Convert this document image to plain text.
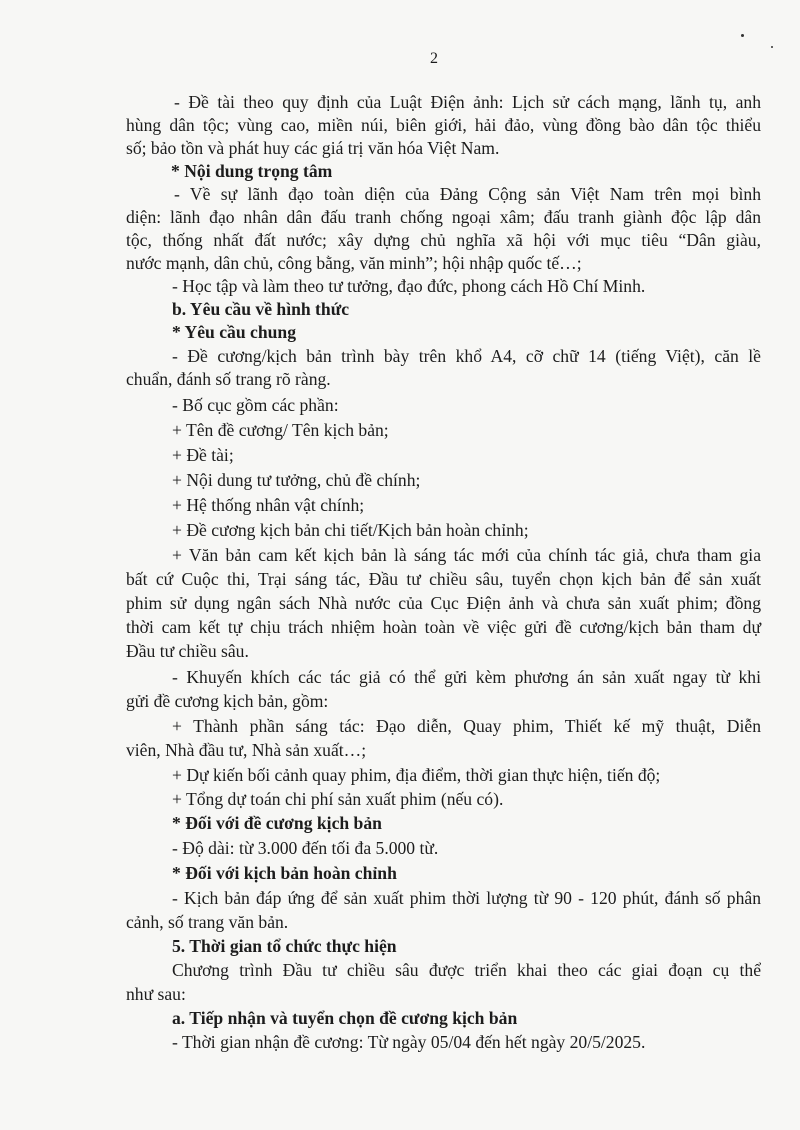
2
- Đề tài theo quy định của Luật Điện ảnh: Lịch sử cách mạng, lãnh tụ, anh
hùng dân tộc; vùng cao, miền núi, biên giới, hải đảo, vùng đồng bào dân tộc thiểu
số; bảo tồn và phát huy các giá trị văn hóa Việt Nam.
* Nội dung trọng tâm
- Về sự lãnh đạo toàn diện của Đảng Cộng sản Việt Nam trên mọi bình
diện: lãnh đạo nhân dân đấu tranh chống ngoại xâm; đấu tranh giành độc lập dân
tộc, thống nhất đất nước; xây dựng chủ nghĩa xã hội với mục tiêu “Dân giàu,
nước mạnh, dân chủ, công bằng, văn minh”; hội nhập quốc tế…;
- Học tập và làm theo tư tưởng, đạo đức, phong cách Hồ Chí Minh.
b. Yêu cầu về hình thức
* Yêu cầu chung
- Đề cương/kịch bản trình bày trên khổ A4, cỡ chữ 14 (tiếng Việt), căn lề
chuẩn, đánh số trang rõ ràng.
- Bố cục gồm các phần:
+ Tên đề cương/ Tên kịch bản;
+ Đề tài;
+ Nội dung tư tưởng, chủ đề chính;
+ Hệ thống nhân vật chính;
+ Đề cương kịch bản chi tiết/Kịch bản hoàn chỉnh;
+ Văn bản cam kết kịch bản là sáng tác mới của chính tác giả, chưa tham gia
bất cứ Cuộc thi, Trại sáng tác, Đầu tư chiều sâu, tuyển chọn kịch bản để sản xuất
phim sử dụng ngân sách Nhà nước của Cục Điện ảnh và chưa sản xuất phim; đồng
thời cam kết tự chịu trách nhiệm hoàn toàn về việc gửi đề cương/kịch bản tham dự
Đầu tư chiều sâu.
- Khuyến khích các tác giả có thể gửi kèm phương án sản xuất ngay từ khi
gửi đề cương kịch bản, gồm:
+ Thành phần sáng tác: Đạo diễn, Quay phim, Thiết kế mỹ thuật, Diễn
viên, Nhà đầu tư, Nhà sản xuất…;
+ Dự kiến bối cảnh quay phim, địa điểm, thời gian thực hiện, tiến độ;
+ Tổng dự toán chi phí sản xuất phim (nếu có).
* Đối với đề cương kịch bản
- Độ dài: từ 3.000 đến tối đa 5.000 từ.
* Đối với kịch bản hoàn chỉnh
- Kịch bản đáp ứng để sản xuất phim thời lượng từ 90 - 120 phút, đánh số phân
cảnh, số trang văn bản.
5. Thời gian tổ chức thực hiện
Chương trình Đầu tư chiều sâu được triển khai theo các giai đoạn cụ thể
như sau:
a. Tiếp nhận và tuyển chọn đề cương kịch bản
- Thời gian nhận đề cương: Từ ngày 05/04 đến hết ngày 20/5/2025.
